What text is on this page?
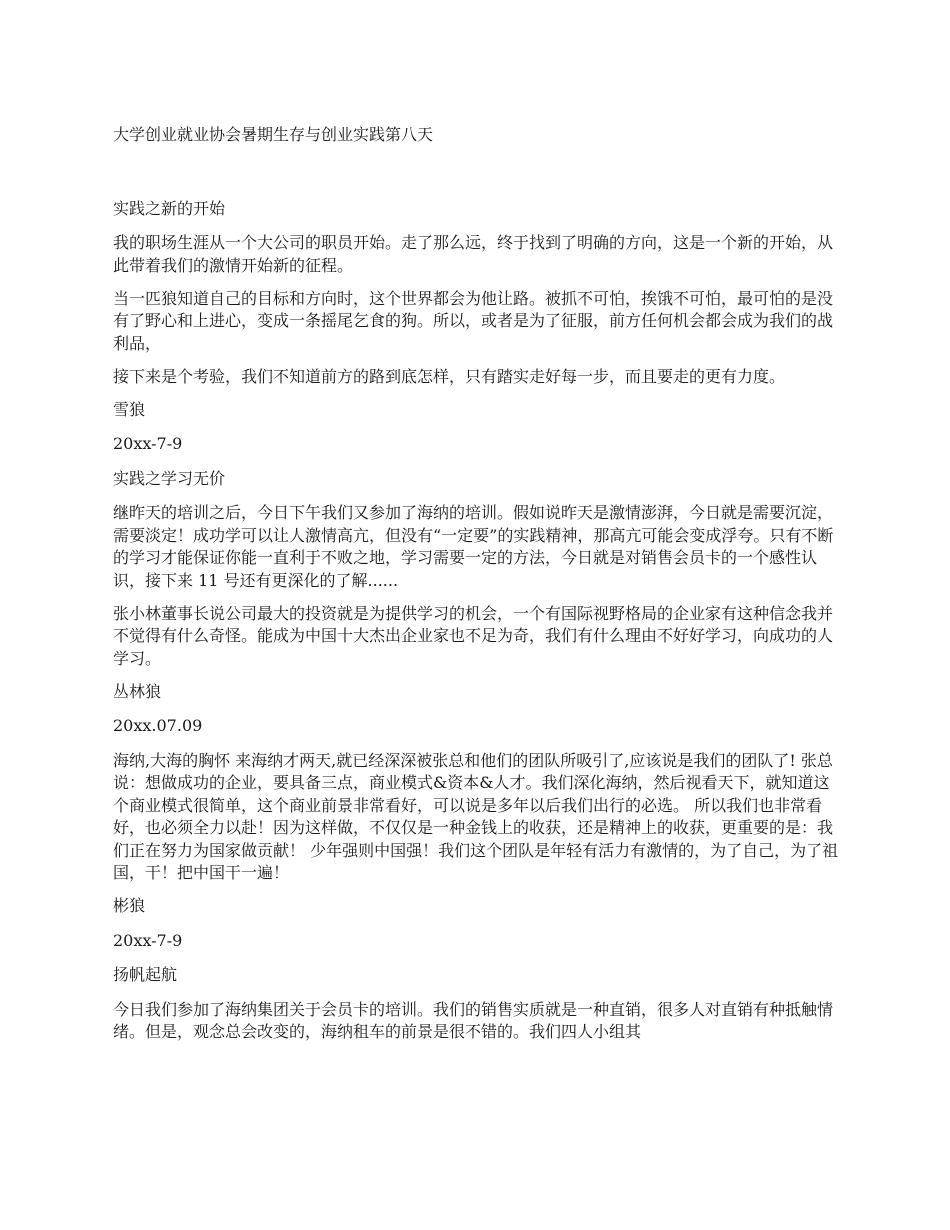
大学创业就业协会暑期生存与创业实践第八天
实践之新的开始
我的职场生涯从一个大公司的职员开始。走了那么远，终于找到了明确的方向，这是一个新的开始，从此带着我们的激情开始新的征程。
当一匹狼知道自己的目标和方向时，这个世界都会为他让路。被抓不可怕，挨饿不可怕，最可怕的是没有了野心和上进心，变成一条摇尾乞食的狗。所以，或者是为了征服，前方任何机会都会成为我们的战利品，
接下来是个考验，我们不知道前方的路到底怎样，只有踏实走好每一步，而且要走的更有力度。
雪狼
20xx-7-9
实践之学习无价
继昨天的培训之后，今日下午我们又参加了海纳的培训。假如说昨天是激情澎湃，今日就是需要沉淀，需要淡定！成功学可以让人激情高亢，但没有“一定要”的实践精神，那高亢可能会变成浮夸。只有不断的学习才能保证你能一直利于不败之地，学习需要一定的方法，今日就是对销售会员卡的一个感性认识，接下来 11 号还有更深化的了解......
张小林董事长说公司最大的投资就是为提供学习的机会，一个有国际视野格局的企业家有这种信念我并不觉得有什么奇怪。能成为中国十大杰出企业家也不足为奇，我们有什么理由不好好学习，向成功的人学习。
丛林狼
20xx.07.09
海纳,大海的胸怀 来海纳才两天,就已经深深被张总和他们的团队所吸引了,应该说是我们的团队了! 张总说：想做成功的企业，要具备三点，商业模式&资本&人才。我们深化海纳，然后视看天下，就知道这个商业模式很简单，这个商业前景非常看好，可以说是多年以后我们出行的必选。 所以我们也非常看好，也必须全力以赴！因为这样做，不仅仅是一种金钱上的收获，还是精神上的收获，更重要的是：我们正在努力为国家做贡献！ 少年强则中国强！我们这个团队是年轻有活力有激情的，为了自己，为了祖国，干！把中国干一遍！
彬狼
20xx-7-9
扬帆起航
今日我们参加了海纳集团关于会员卡的培训。我们的销售实质就是一种直销，很多人对直销有种抵触情绪。但是，观念总会改变的，海纳租车的前景是很不错的。我们四人小组其
